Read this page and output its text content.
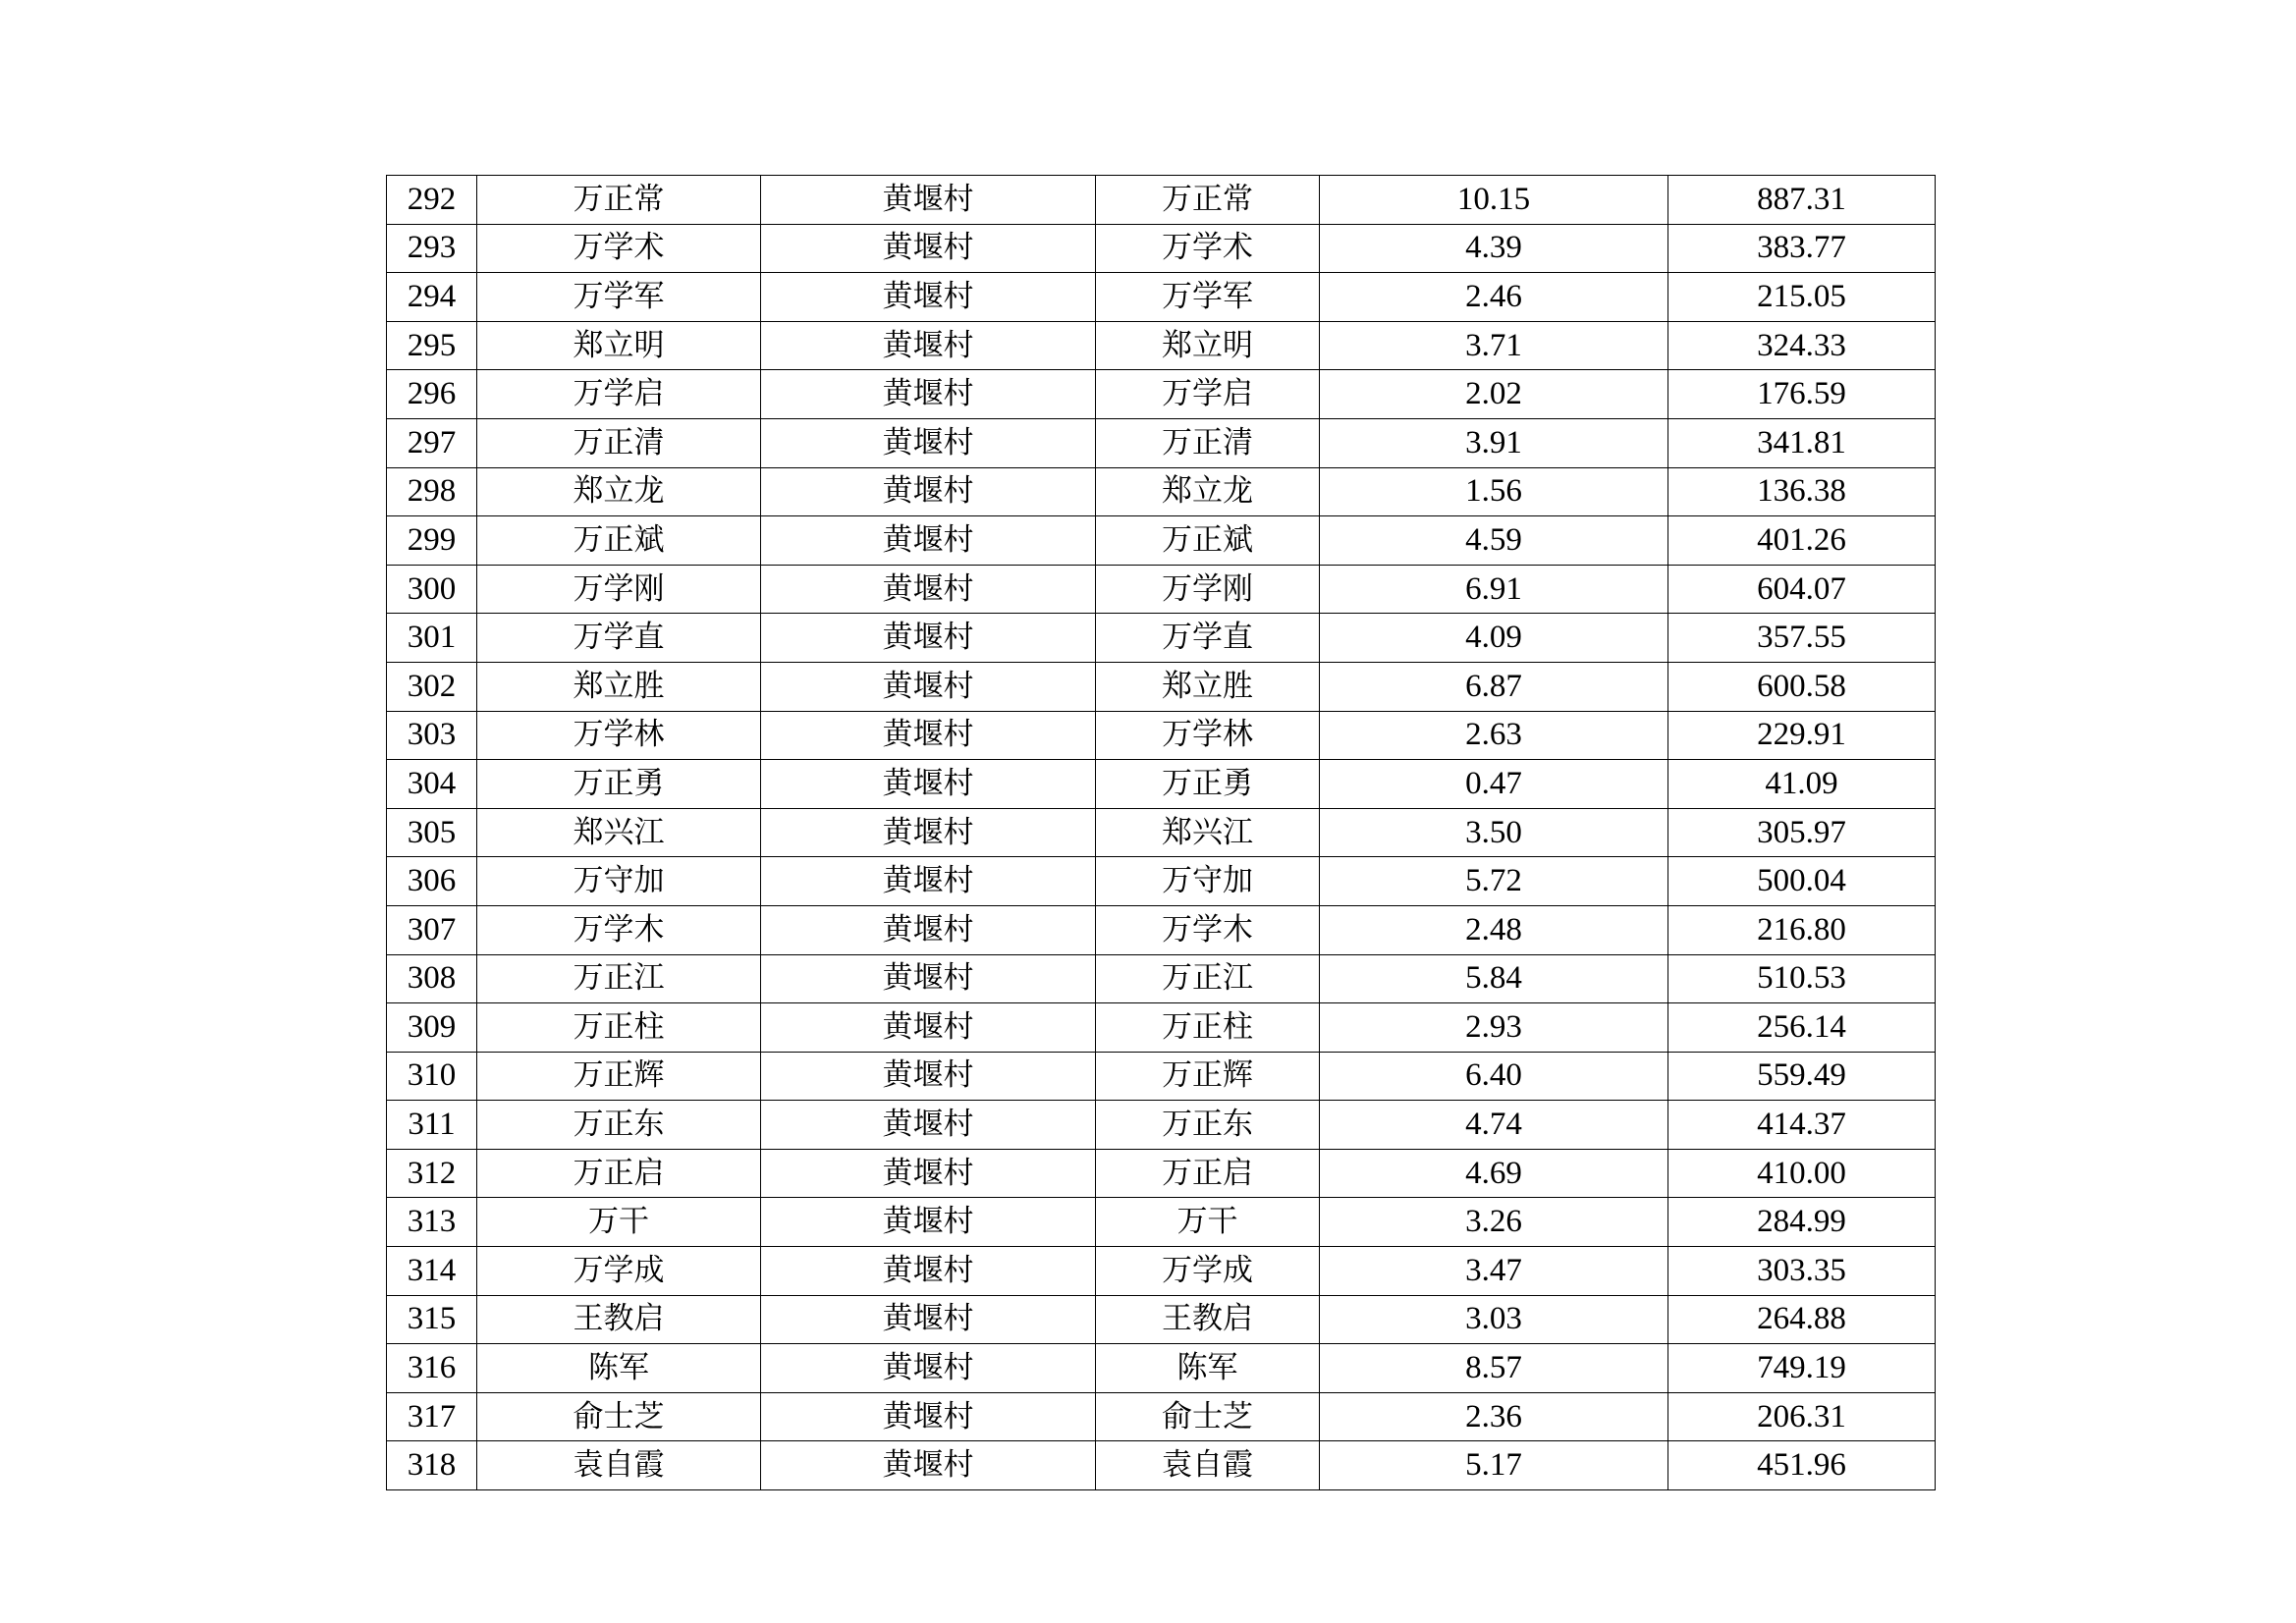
292	万正常	黄堰村	万正常	10.15	887.31
293	万学术	黄堰村	万学术	4.39	383.77
294	万学军	黄堰村	万学军	2.46	215.05
295	郑立明	黄堰村	郑立明	3.71	324.33
296	万学启	黄堰村	万学启	2.02	176.59
297	万正清	黄堰村	万正清	3.91	341.81
298	郑立龙	黄堰村	郑立龙	1.56	136.38
299	万正斌	黄堰村	万正斌	4.59	401.26
300	万学刚	黄堰村	万学刚	6.91	604.07
301	万学直	黄堰村	万学直	4.09	357.55
302	郑立胜	黄堰村	郑立胜	6.87	600.58
303	万学林	黄堰村	万学林	2.63	229.91
304	万正勇	黄堰村	万正勇	0.47	41.09
305	郑兴江	黄堰村	郑兴江	3.50	305.97
306	万守加	黄堰村	万守加	5.72	500.04
307	万学木	黄堰村	万学木	2.48	216.80
308	万正江	黄堰村	万正江	5.84	510.53
309	万正柱	黄堰村	万正柱	2.93	256.14
310	万正辉	黄堰村	万正辉	6.40	559.49
311	万正东	黄堰村	万正东	4.74	414.37
312	万正启	黄堰村	万正启	4.69	410.00
313	万干	黄堰村	万干	3.26	284.99
314	万学成	黄堰村	万学成	3.47	303.35
315	王教启	黄堰村	王教启	3.03	264.88
316	陈军	黄堰村	陈军	8.57	749.19
317	俞士芝	黄堰村	俞士芝	2.36	206.31
318	袁自霞	黄堰村	袁自霞	5.17	451.96
